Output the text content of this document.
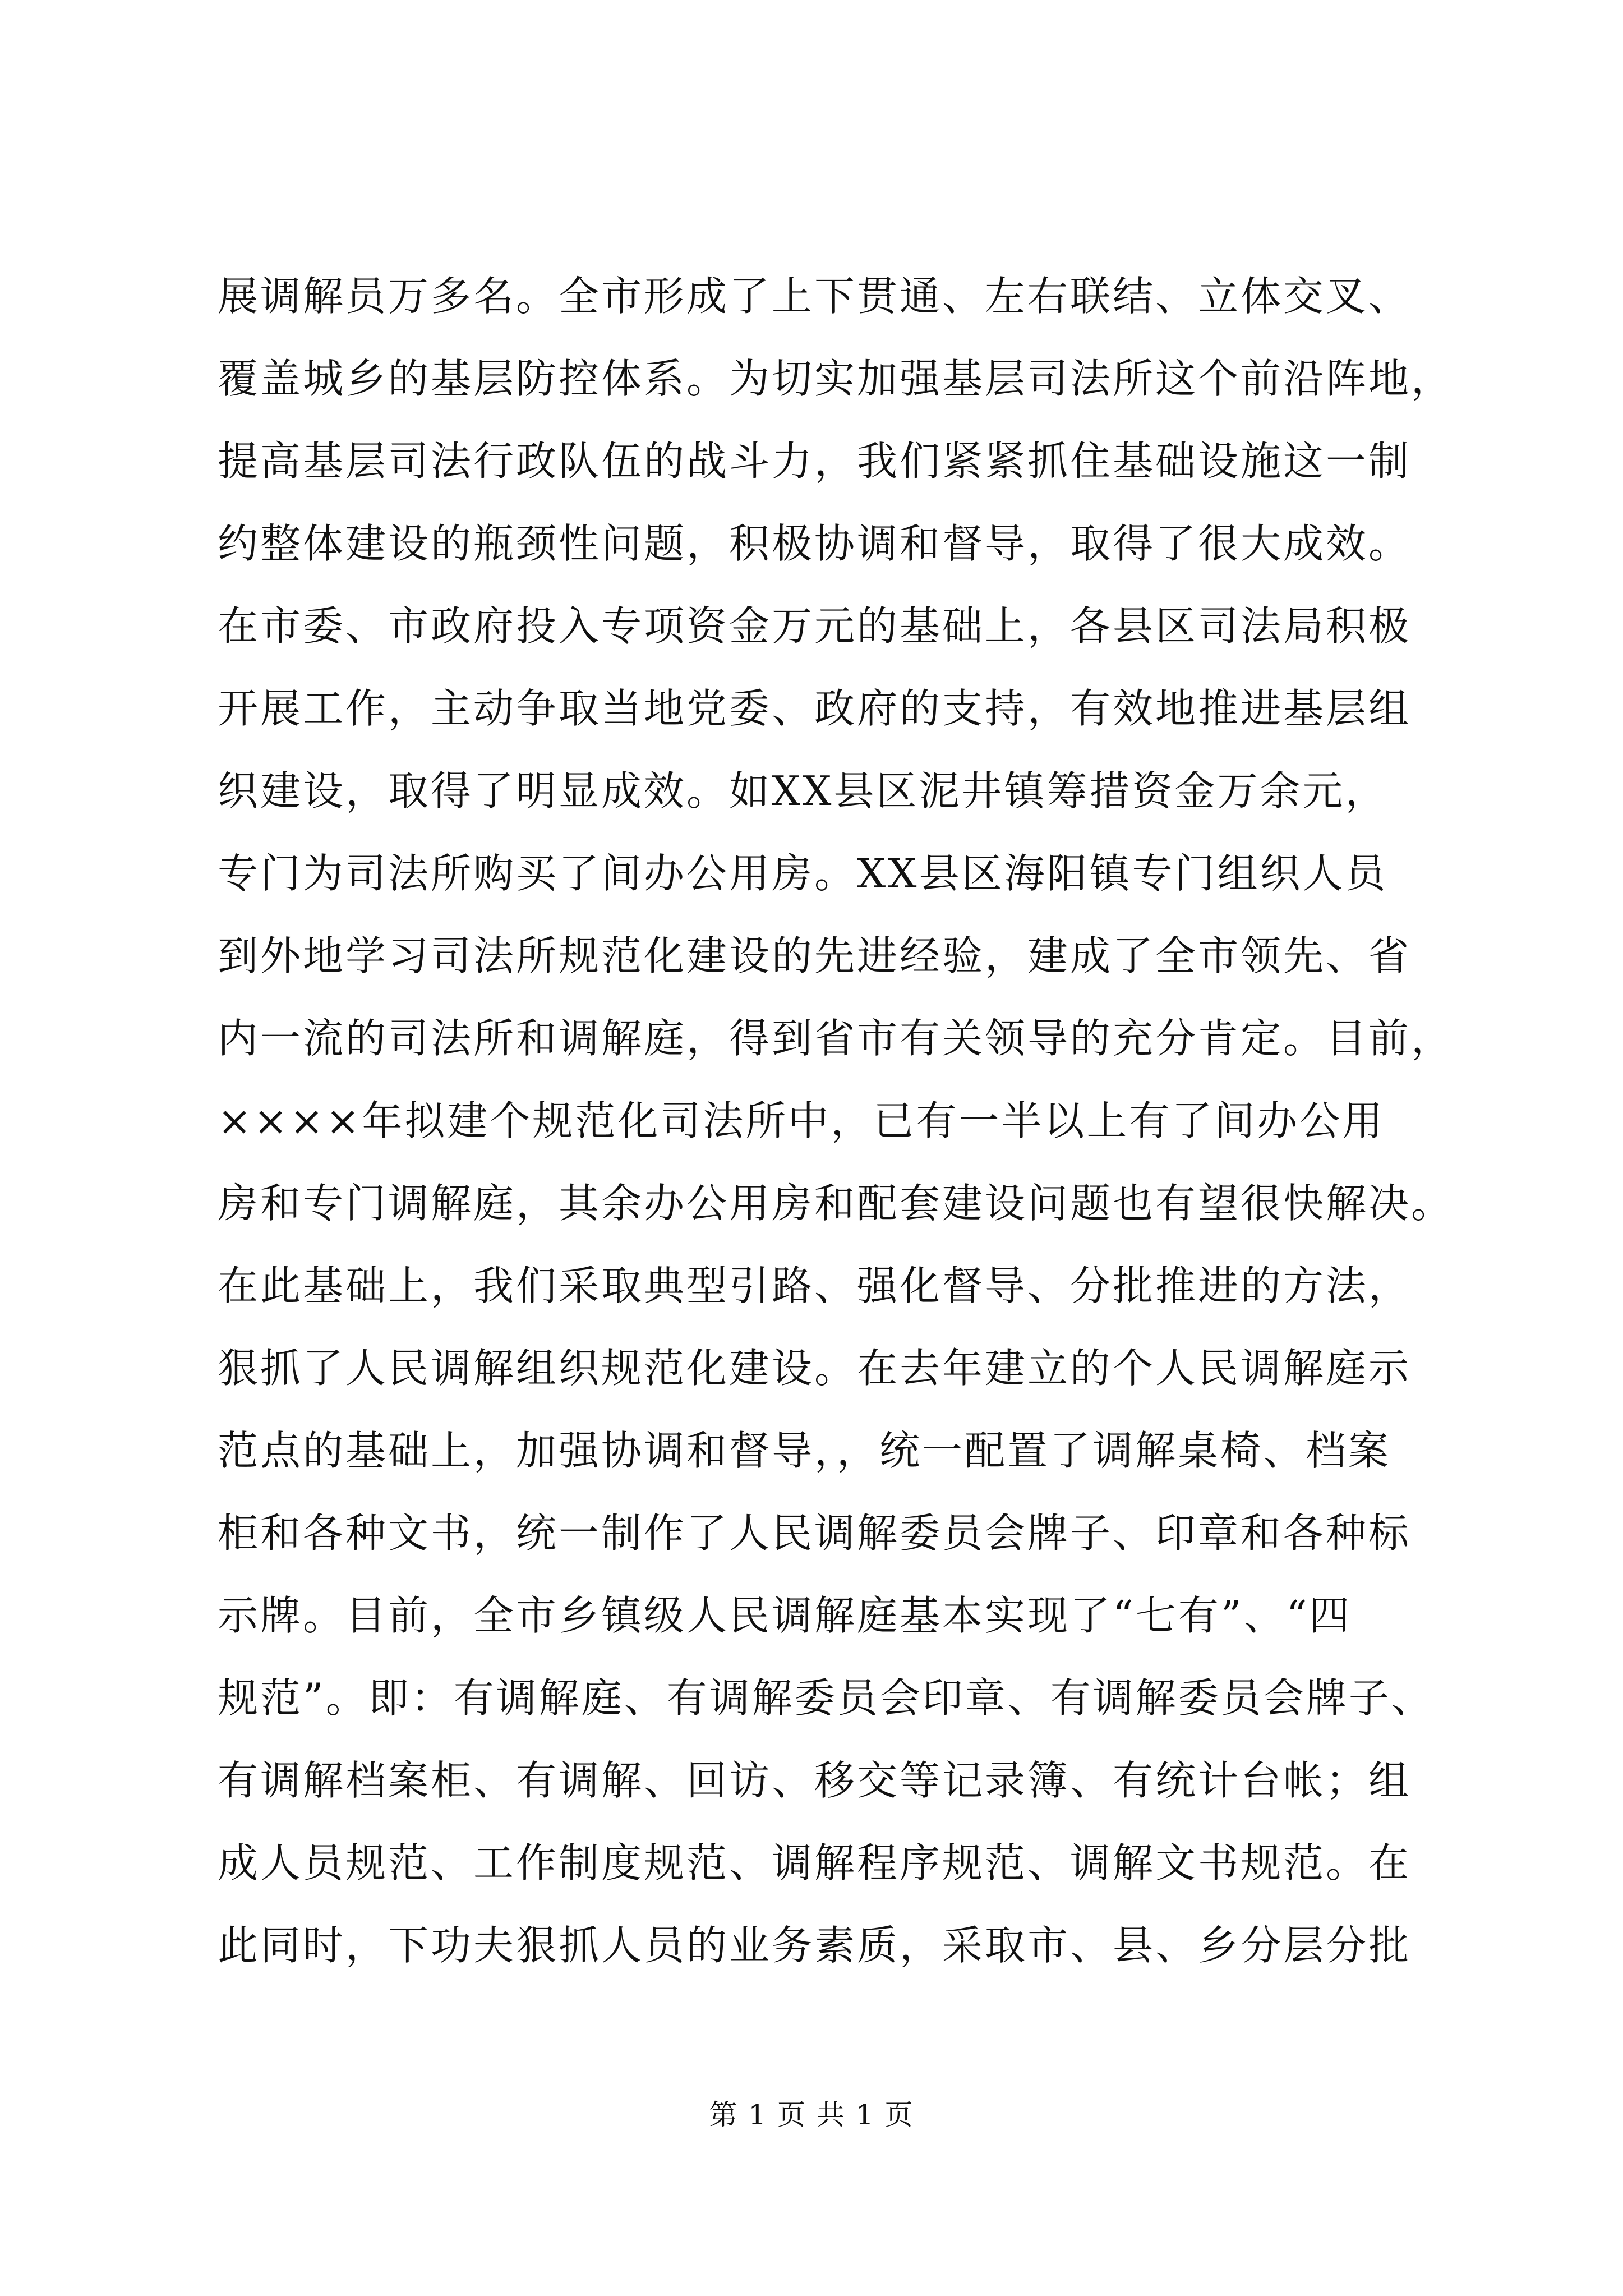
展调解员万多名。全市形成了上下贯通、左右联结、立体交叉、
覆盖城乡的基层防控体系。为切实加强基层司法所这个前沿阵地，
提高基层司法行政队伍的战斗力，我们紧紧抓住基础设施这一制
约整体建设的瓶颈性问题，积极协调和督导，取得了很大成效。
在市委、市政府投入专项资金万元的基础上，各县区司法局积极
开展工作，主动争取当地党委、政府的支持，有效地推进基层组
织建设，取得了明显成效。如XX县区泥井镇筹措资金万余元，
专门为司法所购买了间办公用房。XX县区海阳镇专门组织人员
到外地学习司法所规范化建设的先进经验，建成了全市领先、省
内一流的司法所和调解庭，得到省市有关领导的充分肯定。目前，
××××年拟建个规范化司法所中，已有一半以上有了间办公用
房和专门调解庭，其余办公用房和配套建设问题也有望很快解决。
在此基础上，我们采取典型引路、强化督导、分批推进的方法，
狠抓了人民调解组织规范化建设。在去年建立的个人民调解庭示
范点的基础上，加强协调和督导，，统一配置了调解桌椅、档案
柜和各种文书，统一制作了人民调解委员会牌子、印章和各种标
示牌。目前，全市乡镇级人民调解庭基本实现了“七有”、“四
规范”。即：有调解庭、有调解委员会印章、有调解委员会牌子、
有调解档案柜、有调解、回访、移交等记录簿、有统计台帐；组
成人员规范、工作制度规范、调解程序规范、调解文书规范。在
此同时，下功夫狠抓人员的业务素质，采取市、县、乡分层分批
第 1 页 共 1 页
